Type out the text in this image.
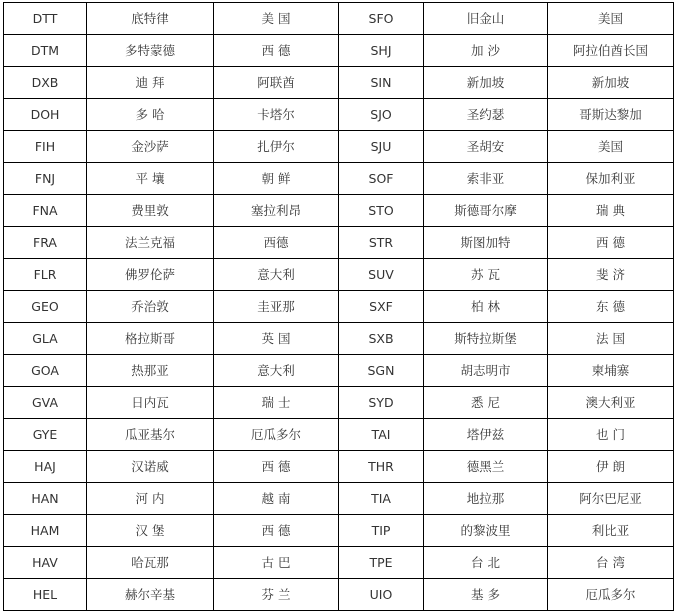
DTT	底特律	美 国	SFO	旧金山	美国
DTM	多特蒙德	西 德	SHJ	加 沙	阿拉伯酋长国
DXB	迪 拜	阿联酋	SIN	新加坡	新加坡
DOH	多 哈	卡塔尔	SJO	圣约瑟	哥斯达黎加
FIH	金沙萨	扎伊尔	SJU	圣胡安	美国
FNJ	平 壤	朝 鲜	SOF	索非亚	保加利亚
FNA	费里敦	塞拉利昂	STO	斯德哥尔摩	瑞 典
FRA	法兰克福	西德	STR	斯图加特	西 德
FLR	佛罗伦萨	意大利	SUV	苏 瓦	斐 济
GEO	乔治敦	圭亚那	SXF	柏 林	东 德
GLA	格拉斯哥	英 国	SXB	斯特拉斯堡	法 国
GOA	热那亚	意大利	SGN	胡志明市	柬埔寨
GVA	日内瓦	瑞 士	SYD	悉 尼	澳大利亚
GYE	瓜亚基尔	厄瓜多尔	TAI	塔伊兹	也 门
HAJ	汉诺威	西 德	THR	德黑兰	伊 朗
HAN	河 内	越 南	TIA	地拉那	阿尔巴尼亚
HAM	汉 堡	西 德	TIP	的黎波里	利比亚
HAV	哈瓦那	古 巴	TPE	台 北	台 湾
HEL	赫尔辛基	芬 兰	UIO	基 多	厄瓜多尔
